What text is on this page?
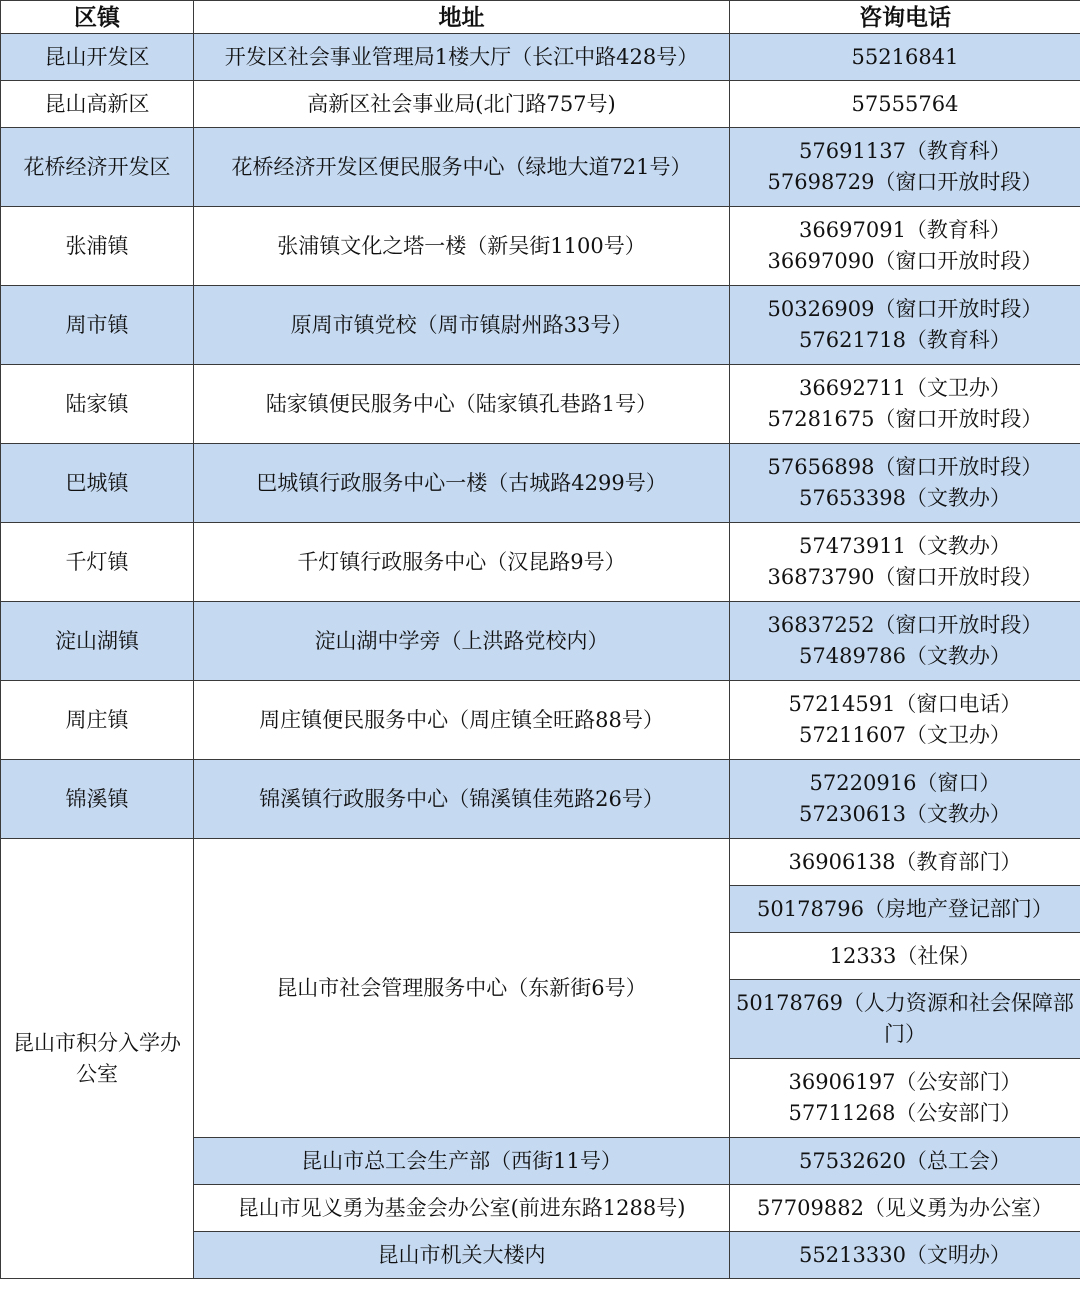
区镇	地址	咨询电话
昆山开发区	开发区社会事业管理局1楼大厅（长江中路428号）	55216841

昆山高新区	高新区社会事业局(北门路757号)	57555764

花桥经济开发区	花桥经济开发区便民服务中心（绿地大道721号）	57691137（教育科）
57698729（窗口开放时段）

张浦镇	张浦镇文化之塔一楼（新吴街1100号）	36697091（教育科）
36697090（窗口开放时段）

周市镇	原周市镇党校（周市镇尉州路33号）	50326909（窗口开放时段）
57621718（教育科）

陆家镇	陆家镇便民服务中心（陆家镇孔巷路1号）	36692711（文卫办）
57281675（窗口开放时段）

巴城镇	巴城镇行政服务中心一楼（古城路4299号）	57656898（窗口开放时段）
57653398（文教办）

千灯镇	千灯镇行政服务中心（汉昆路9号）	57473911（文教办）
36873790（窗口开放时段）

淀山湖镇	淀山湖中学旁（上洪路党校内）	36837252（窗口开放时段）
57489786（文教办）

周庄镇	周庄镇便民服务中心（周庄镇全旺路88号）	57214591（窗口电话）
57211607（文卫办）

锦溪镇	锦溪镇行政服务中心（锦溪镇佳苑路26号）	57220916（窗口）
57230613（文教办）

昆山市积分入学办公室	昆山市社会管理服务中心（东新街6号）	36906138（教育部门）

		50178796（房地产登记部门）

		12333（社保）

		50178769（人力资源和社会保障部门）

		36906197（公安部门）
57711268（公安部门）

	昆山市总工会生产部（西街11号）	57532620（总工会）

	昆山市见义勇为基金会办公室(前进东路1288号)	57709882（见义勇为办公室）

	昆山市机关大楼内	55213330（文明办）
